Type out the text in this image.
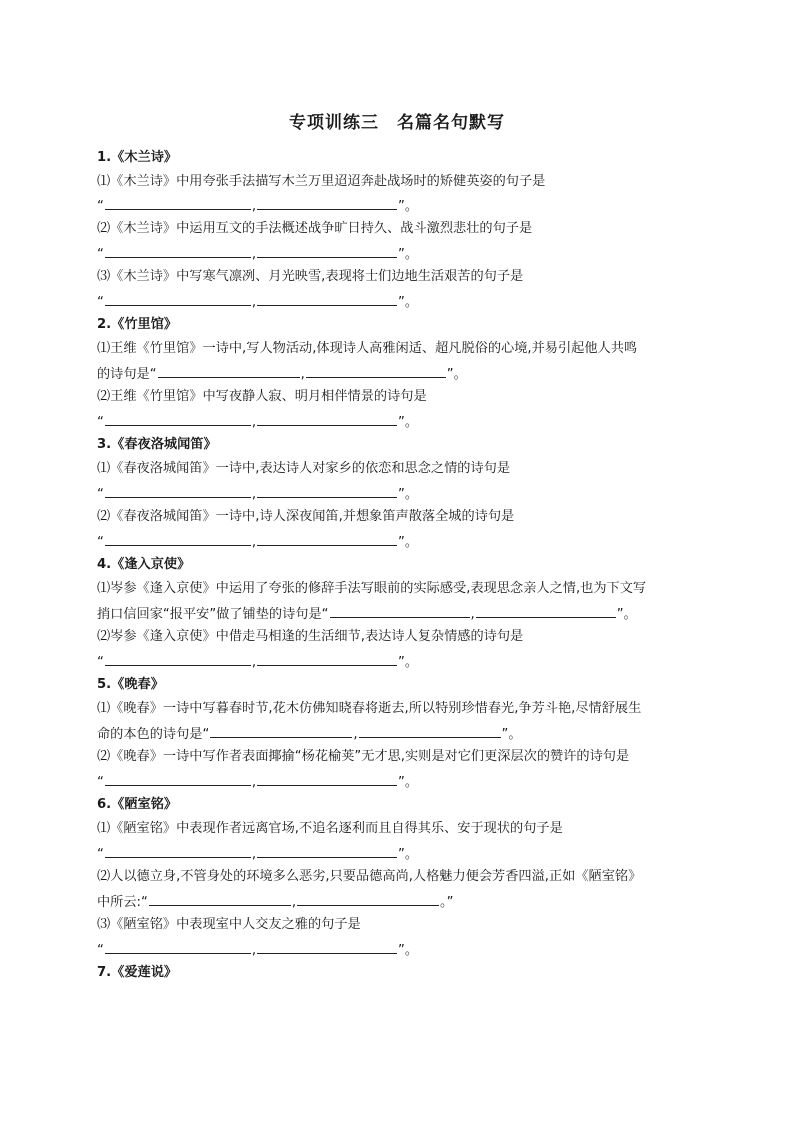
专项训练三　名篇名句默写
1.《木兰诗》
⑴《木兰诗》中用夸张手法描写木兰万里迢迢奔赴战场时的矫健英姿的句子是
“	,	”。
⑵《木兰诗》中运用互文的手法概述战争旷日持久、战斗激烈悲壮的句子是
“	,	”。
⑶《木兰诗》中写寒气凛冽、月光映雪,表现将士们边地生活艰苦的句子是
“	,	”。
2.《竹里馆》
⑴王维《竹里馆》一诗中,写人物活动,体现诗人高雅闲适、超凡脱俗的心境,并易引起他人共鸣
的诗句是“	,	”。
⑵王维《竹里馆》中写夜静人寂、明月相伴情景的诗句是
“	,	”。
3.《春夜洛城闻笛》
⑴《春夜洛城闻笛》一诗中,表达诗人对家乡的依恋和思念之情的诗句是
“	,	”。
⑵《春夜洛城闻笛》一诗中,诗人深夜闻笛,并想象笛声散落全城的诗句是
“	,	”。
4.《逢入京使》
⑴岑参《逢入京使》中运用了夸张的修辞手法写眼前的实际感受,表现思念亲人之情,也为下文写
捎口信回家“报平安”做了铺垫的诗句是“	,	”。
⑵岑参《逢入京使》中借走马相逢的生活细节,表达诗人复杂情感的诗句是
“	,	”。
5.《晚春》
⑴《晚春》一诗中写暮春时节,花木仿佛知晓春将逝去,所以特别珍惜春光,争芳斗艳,尽情舒展生
命的本色的诗句是“	,	”。
⑵《晚春》一诗中写作者表面揶揄“杨花榆荚”无才思,实则是对它们更深层次的赞许的诗句是
“	,	”。
6.《陋室铭》
⑴《陋室铭》中表现作者远离官场,不追名逐利而且自得其乐、安于现状的句子是
“	,	”。
⑵人以德立身,不管身处的环境多么恶劣,只要品德高尚,人格魅力便会芳香四溢,正如《陋室铭》
中所云:“	,	。”
⑶《陋室铭》中表现室中人交友之雅的句子是
“	,	”。
7.《爱莲说》
